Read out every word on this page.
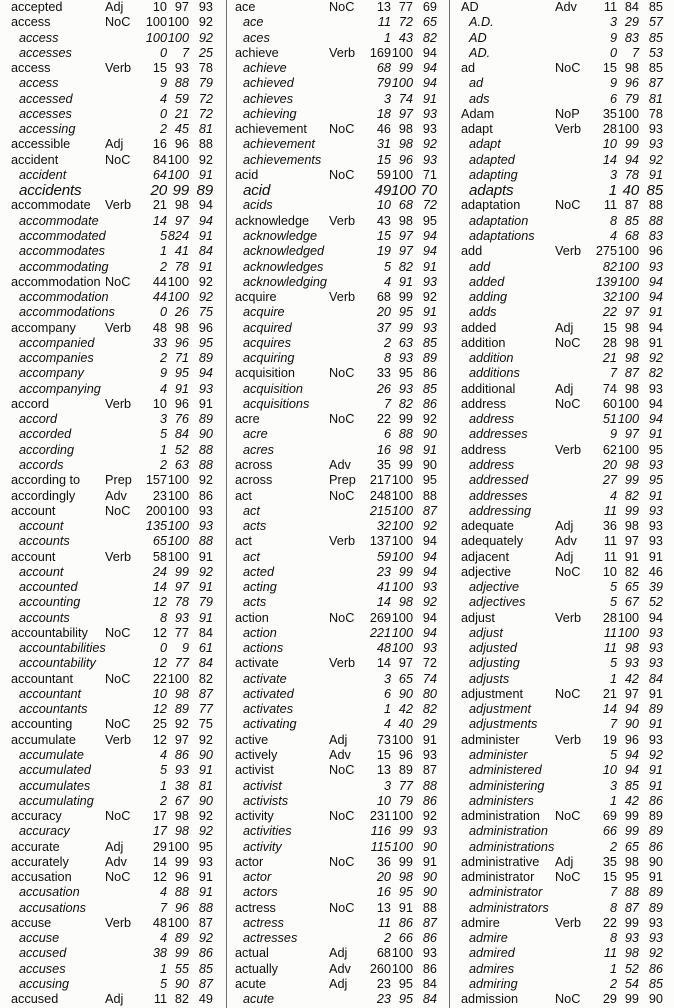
accepted	Adj	10 97 93
access	NoC	100 100 92
access	100 100 92
accesses	0	7 25
access	Verb	15 93 78
access	9 88 79
accessed	4 59 72
accesses	0 21 72
accessing	2 45 81
accessible	Adj	16 96 88
accident	NoC	84 100 92
accident	64 100 91
accidents	20 99 89
accommodate Verb	21 98 94
accommodate	14 97 94
accommodated	5 824 91
accommodates	1 41 84
accommodating	2 78 91
accommodation NoC	44 100 92
accommodation	44 100 92
accommodations	0 26 75
accompany Verb	48 98 96
accompanied	33 96 95
accompanies	2 71 89
accompany	9 95 94
accompanying	4 91 93
accord	Verb	10 96 91
accord	3 76 89
accorded	5 84 90
according	1 52 88
accords	2 63 88
according to Prep	157 100 92
accordingly Adv	23 100 86
account	NoC	200 100 93
account	135 100 93
accounts	65 100 88
account	Verb	58 100 91
account	24 99 92
accounted	14 97 91
accounting	12 78 79
accounts	8 93 91
accountability NoC	12 77 84
accountabilities	0	9 61
accountability	12 77 84
accountant	NoC	22 100 82
accountant	10 98 87
accountants	12 89 77
accounting	NoC	25 92 75
accumulate Verb	12 97 92
accumulate	4 86 90
accumulated	5 93 91
accumulates	1 38 81
accumulating	2 67 90
accuracy	NoC	17 98 92
accuracy	17 98 92
accurate	Adj	29 100 95
accurately	Adv	14 99 93
accusation	NoC	12 96 91
accusation	4 88 91
accusations	7 96 88
accuse	Verb	48 100 87
accuse	4 89 92
accused	38 99 86
accuses	1 55 85
accusing	5 90 87
accused	Adj	11 82 49
ace	NoC	13 77 69
ace	11 72 65
aces	1 43 82
achieve	Verb	169 100 94
achieve	68 99 94
achieved	79 100 94
achieves	3 74 91
achieving	18 97 93
achievement NoC	46 98 93
achievement	31 98 92
achievements	15 96 93
acid	NoC	59 100 71
acid	49 100 70
acids	10 68 72
acknowledge Verb	43 98 95
acknowledge	15 97 94
acknowledged	19 97 94
acknowledges	5 82 91
acknowledging	4 91 93
acquire	Verb	68 99 92
acquire	20 95 91
acquired	37 99 93
acquires	2 63 85
acquiring	8 93 89
acquisition	NoC	33 95 86
acquisition	26 93 85
acquisitions	7 82 86
acre	NoC	22 99 92
acre	6 88 90
acres	16 98 91
across	Adv	35 99 90
across	Prep	217 100 95
act	NoC	248 100 88
act	215 100 87
acts	32 100 92
act	Verb	137 100 94
act	59 100 94
acted	23 99 94
acting	41 100 93
acts	14 98 92
action	NoC	269 100 94
action	221 100 94
actions	48 100 93
activate	Verb	14 97 72
activate	3 65 74
activated	6 90 80
activates	1 42 82
activating	4 40 29
active	Adj	73 100 91
actively	Adv	15 96 93
activist	NoC	13 89 87
activist	3 77 88
activists	10 79 86
activity	NoC	231 100 92
activities	116 99 93
activity	115 100 90
actor	NoC	36 99 91
actor	20 98 90
actors	16 95 90
actress	NoC	13 91 88
actress	11 86 87
actresses	2 66 86
actual	Adj	68 100 93
actually	Adv	260 100 86
acute	Adj	23 95 84
acute	23 95 84
AD	Adv	11 84 85
A.D.	3 29 57
AD	9 83 85
AD.	0	7 53
ad	NoC	15 98 85
ad	9 96 87
ads	6 79 81
Adam	NoP	35 100 78
adapt	Verb	28 100 93
adapt	10 99 93
adapted	14 94 92
adapting	3 78 91
adapts	1 40 85
adaptation	NoC	11 87 88
adaptation	8 85 88
adaptations	4 68 83
add	Verb	275 100 96
add	82 100 93
added	139 100 94
adding	32 100 94
adds	22 97 91
added	Adj	15 98 94
addition	NoC	28 98 91
addition	21 98 92
additions	7 87 82
additional	Adj	74 98 93
address	NoC	60 100 94
address	51 100 94
addresses	9 97 91
address	Verb	62 100 95
address	20 98 93
addressed	27 99 95
addresses	4 82 91
addressing	11 99 93
adequate	Adj	36 98 93
adequately	Adv	11 97 93
adjacent	Adj	11 91 91
adjective	NoC	10 82 46
adjective	5 65 39
adjectives	5 67 52
adjust	Verb	28 100 94
adjust	11 100 93
adjusted	11 98 93
adjusting	5 93 93
adjusts	1 42 84
adjustment	NoC	21 97 91
adjustment	14 94 89
adjustments	7 90 91
administer	Verb	19 96 93
administer	5 94 92
administered	10 94 91
administering	3 85 91
administers	1 42 86
administration NoC	69 99 89
administration	66 99 89
administrations	2 65 86
administrative Adj	35 98 90
administrator NoC	15 95 91
administrator	7 88 89
administrators	8 87 89
admire	Verb	22 99 93
admire	8 93 93
admired	11 98 92
admires	1 52 86
admiring	2 54 85
admission	NoC	29 99 90
